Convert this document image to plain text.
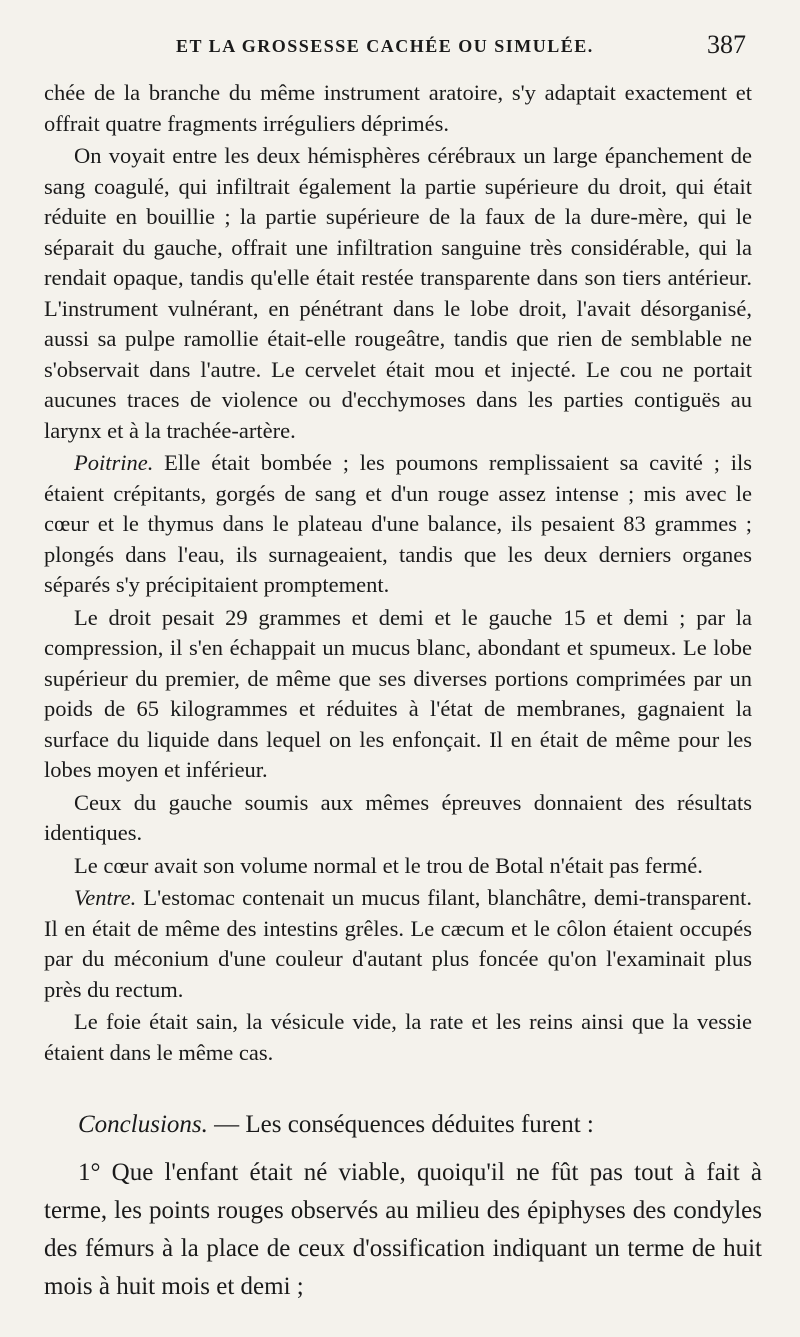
ET LA GROSSESSE CACHÉE OU SIMULÉE.	387

chée de la branche du même instrument aratoire, s'y adaptait exactement et offrait quatre fragments irréguliers déprimés.

On voyait entre les deux hémisphères cérébraux un large épanchement de sang coagulé, qui infiltrait également la partie supérieure du droit, qui était réduite en bouillie ; la partie supérieure de la faux de la dure-mère, qui le séparait du gauche, offrait une infiltration sanguine très considérable, qui la rendait opaque, tandis qu'elle était restée transparente dans son tiers antérieur. L'instrument vulnérant, en pénétrant dans le lobe droit, l'avait désorganisé, aussi sa pulpe ramollie était-elle rougeâtre, tandis que rien de semblable ne s'observait dans l'autre. Le cervelet était mou et injecté. Le cou ne portait aucunes traces de violence ou d'ecchymoses dans les parties contiguës au larynx et à la trachée-artère.

Poitrine. Elle était bombée ; les poumons remplissaient sa cavité ; ils étaient crépitants, gorgés de sang et d'un rouge assez intense ; mis avec le cœur et le thymus dans le plateau d'une balance, ils pesaient 83 grammes ; plongés dans l'eau, ils surnageaient, tandis que les deux derniers organes séparés s'y précipitaient promptement.

Le droit pesait 29 grammes et demi et le gauche 15 et demi ; par la compression, il s'en échappait un mucus blanc, abondant et spumeux. Le lobe supérieur du premier, de même que ses diverses portions comprimées par un poids de 65 kilogrammes et réduites à l'état de membranes, gagnaient la surface du liquide dans lequel on les enfonçait. Il en était de même pour les lobes moyen et inférieur.

Ceux du gauche soumis aux mêmes épreuves donnaient des résultats identiques.

Le cœur avait son volume normal et le trou de Botal n'était pas fermé.

Ventre. L'estomac contenait un mucus filant, blanchâtre, demi-transparent. Il en était de même des intestins grêles. Le cæcum et le côlon étaient occupés par du méconium d'une couleur d'autant plus foncée qu'on l'examinait plus près du rectum.

Le foie était sain, la vésicule vide, la rate et les reins ainsi que la vessie étaient dans le même cas.

Conclusions. — Les conséquences déduites furent :

1° Que l'enfant était né viable, quoiqu'il ne fût pas tout à fait à terme, les points rouges observés au milieu des épiphyses des condyles des fémurs à la place de ceux d'ossification indiquant un terme de huit mois à huit mois et demi ;
